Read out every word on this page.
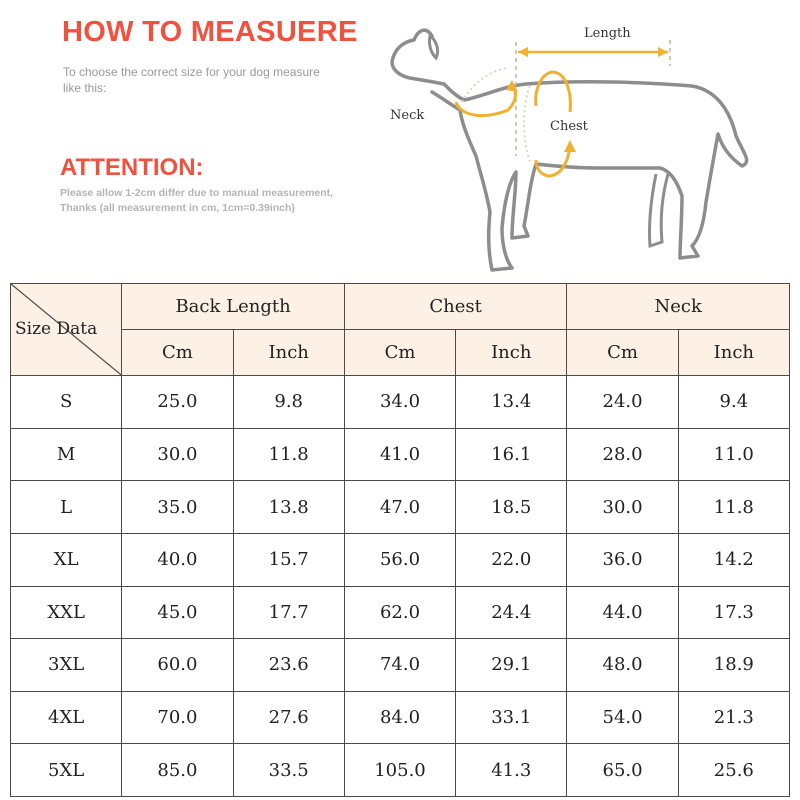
HOW TO MEASUERE
To choose the correct size for your dog measure like this:
ATTENTION:
Please allow 1-2cm differ due to manual measurement,
Thanks (all measurement in cm, 1cm=0.39inch)
Length
Neck
Chest
Size Data	Back Length		Chest		Neck	
	Cm	Inch	Cm	Inch	Cm	Inch
S	25.0	9.8	34.0	13.4	24.0	9.4
M	30.0	11.8	41.0	16.1	28.0	11.0
L	35.0	13.8	47.0	18.5	30.0	11.8
XL	40.0	15.7	56.0	22.0	36.0	14.2
XXL	45.0	17.7	62.0	24.4	44.0	17.3
3XL	60.0	23.6	74.0	29.1	48.0	18.9
4XL	70.0	27.6	84.0	33.1	54.0	21.3
5XL	85.0	33.5	105.0	41.3	65.0	25.6
